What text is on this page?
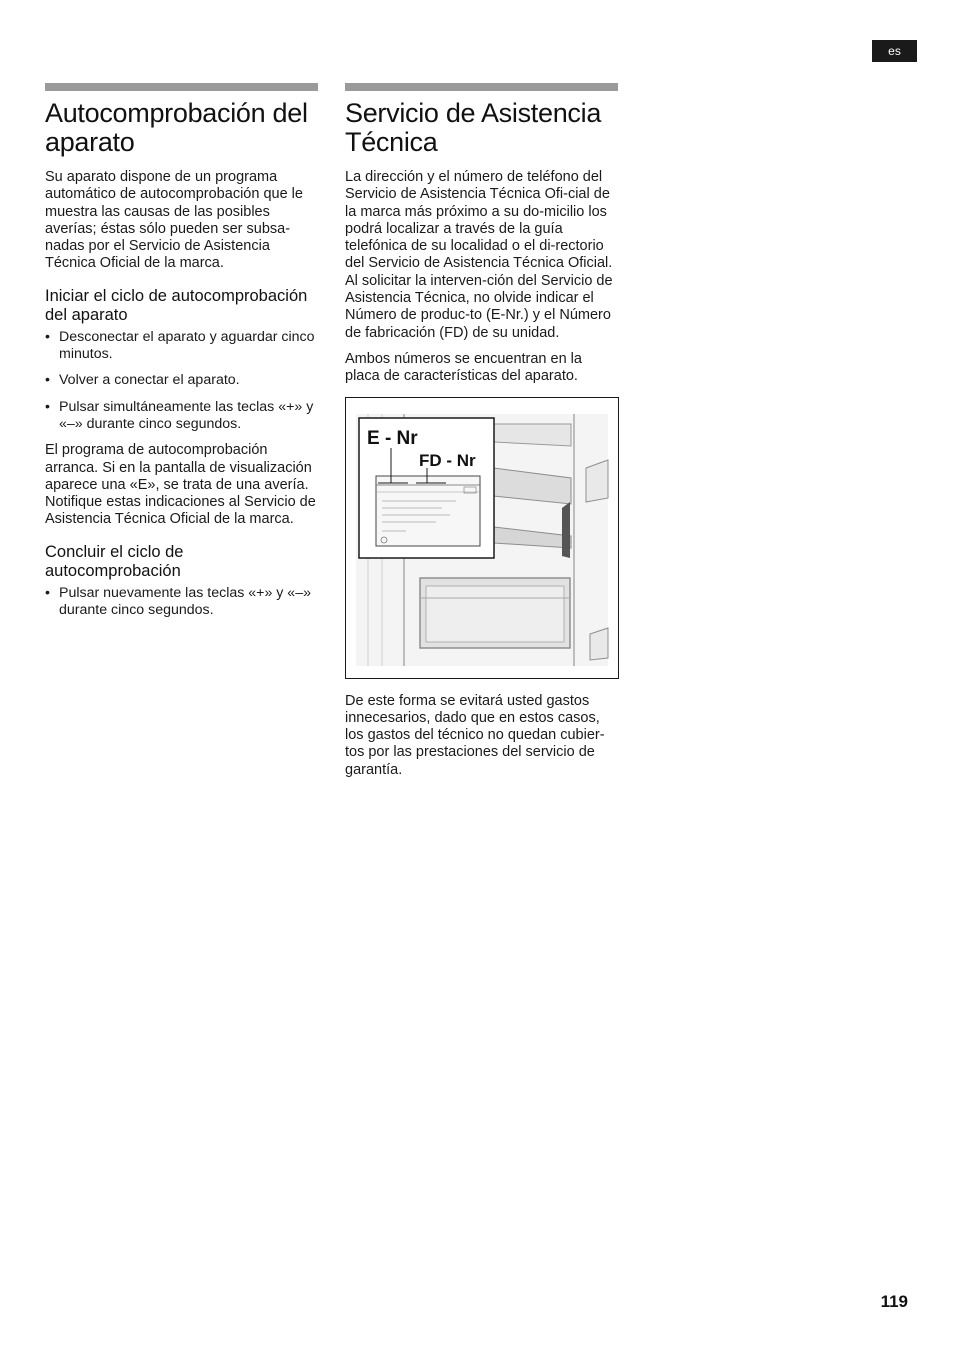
es
Autocomprobación del aparato

Su aparato dispone de un programa automático de autocomprobación que le muestra las causas de las posibles averías; éstas sólo pueden ser subsa-nadas por el Servicio de Asistencia Técnica Oficial de la marca.

Iniciar el ciclo de autocomprobación del aparato
• Desconectar el aparato y aguardar cinco minutos.
• Volver a conectar el aparato.
• Pulsar simultáneamente las teclas «+» y «–» durante cinco segundos.

El programa de autocomprobación arranca. Si en la pantalla de visualización aparece una «E», se trata de una avería. Notifique estas indicaciones al Servicio de Asistencia Técnica Oficial de la marca.

Concluir el ciclo de autocomprobación
• Pulsar nuevamente las teclas «+» y «–» durante cinco segundos.
Servicio de Asistencia Técnica

La dirección y el número de teléfono del Servicio de Asistencia Técnica Ofi-cial de la marca más próximo a su do-micilio los podrá localizar a través de la guía telefónica de su localidad o el di-rectorio del Servicio de Asistencia Técnica Oficial. Al solicitar la interven-ción del Servicio de Asistencia Técnica, no olvide indicar el Número de produc-to (E-Nr.) y el Número de fabricación (FD) de su unidad.

Ambos números se encuentran en la placa de características del aparato.

E - Nr
FD - Nr

De este forma se evitará usted gastos innecesarios, dado que en estos casos, los gastos del técnico no quedan cubier-tos por las prestaciones del servicio de garantía.

119
